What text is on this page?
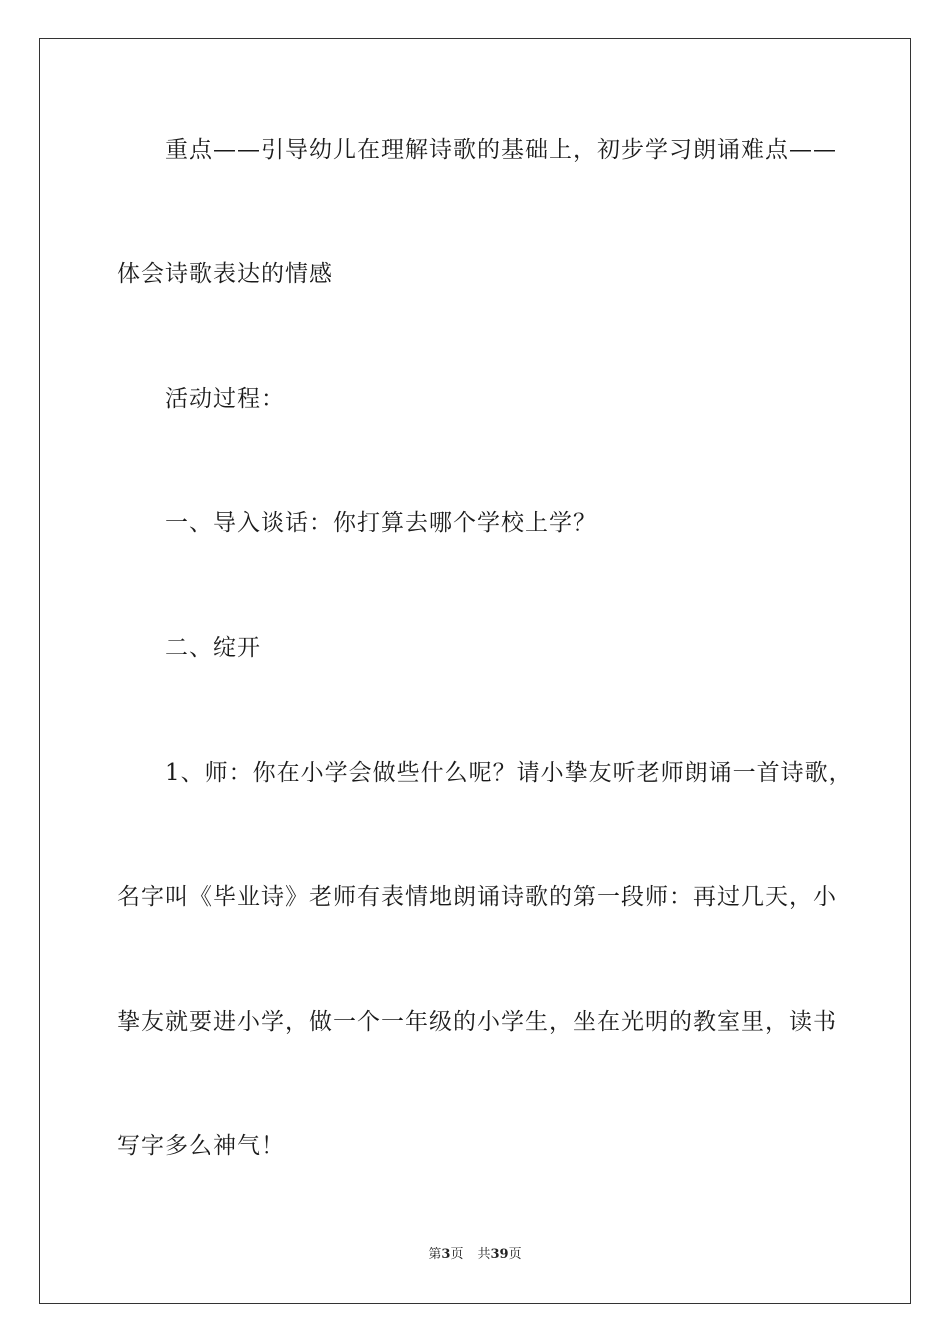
重点——引导幼儿在理解诗歌的基础上，初步学习朗诵难点——
体会诗歌表达的情感
活动过程：
一、导入谈话：你打算去哪个学校上学？
二、绽开
1、师：你在小学会做些什么呢？请小挚友听老师朗诵一首诗歌，
名字叫《毕业诗》老师有表情地朗诵诗歌的第一段师：再过几天，小
挚友就要进小学，做一个一年级的小学生，坐在光明的教室里，读书
写字多么神气！
第3页 共39页
